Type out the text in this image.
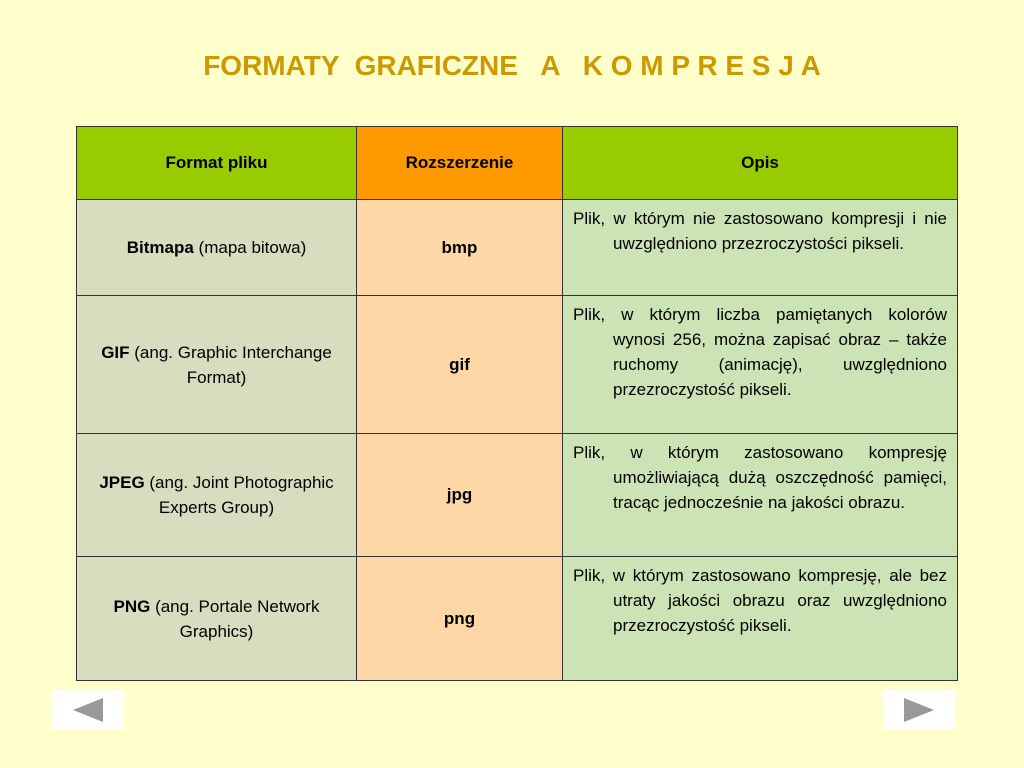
FORMATY  GRAFICZNE   A   K O M P R E S J A
Format pliku	Rozszerzenie	Opis

Bitmapa (mapa bitowa)	bmp	Plik, w którym nie zastosowano kompresji i nie uwzględniono przezroczystości pikseli.

GIF (ang. Graphic Interchange Format)	gif	Plik, w którym liczba pamiętanych kolorów wynosi 256, można zapisać obraz – także ruchomy (animację), uwzględniono przezroczystość pikseli.

JPEG (ang. Joint Photographic Experts Group)	jpg	Plik, w którym zastosowano kompresję umożliwiającą dużą oszczędność pamięci, tracąc jednocześnie na jakości obrazu.

PNG (ang. Portale Network Graphics)	png	Plik, w którym zastosowano kompresję, ale bez utraty jakości obrazu oraz uwzględniono przezroczystość pikseli.
